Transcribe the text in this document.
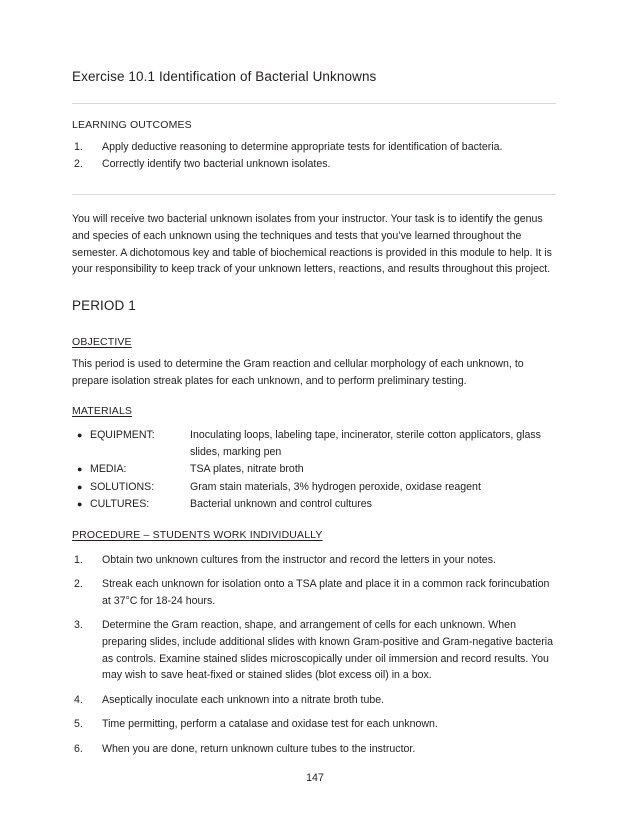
Exercise 10.1 Identification of Bacterial Unknowns
LEARNING OUTCOMES
1.	Apply deductive reasoning to determine appropriate tests for identification of bacteria.
2.	Correctly identify two bacterial unknown isolates.

You will receive two bacterial unknown isolates from your instructor. Your task is to identify the genus and species of each unknown using the techniques and tests that you’ve learned throughout the semester. A dichotomous key and table of biochemical reactions is provided in this module to help. It is your responsibility to keep track of your unknown letters, reactions, and results throughout this project.

PERIOD 1
OBJECTIVE

This period is used to determine the Gram reaction and cellular morphology of each unknown, to prepare isolation streak plates for each unknown, and to perform preliminary testing.

MATERIALS
● EQUIPMENT:	Inoculating loops, labeling tape, incinerator, sterile cotton applicators, glass slides, marking pen
● MEDIA:	TSA plates, nitrate broth
● SOLUTIONS:	Gram stain materials, 3% hydrogen peroxide, oxidase reagent
● CULTURES:	Bacterial unknown and control cultures
PROCEDURE – STUDENTS WORK INDIVIDUALLY
1.	Obtain two unknown cultures from the instructor and record the letters in your notes.
2.	Streak each unknown for isolation onto a TSA plate and place it in a common rack forincubation at 37°C for 18-24 hours.
3.	Determine the Gram reaction, shape, and arrangement of cells for each unknown. When preparing slides, include additional slides with known Gram-positive and Gram-negative bacteria as controls. Examine stained slides microscopically under oil immersion and record results. You may wish to save heat-fixed or stained slides (blot excess oil) in a box.
4.	Aseptically inoculate each unknown into a nitrate broth tube.
5.	Time permitting, perform a catalase and oxidase test for each unknown.
6.	When you are done, return unknown culture tubes to the instructor.
147
